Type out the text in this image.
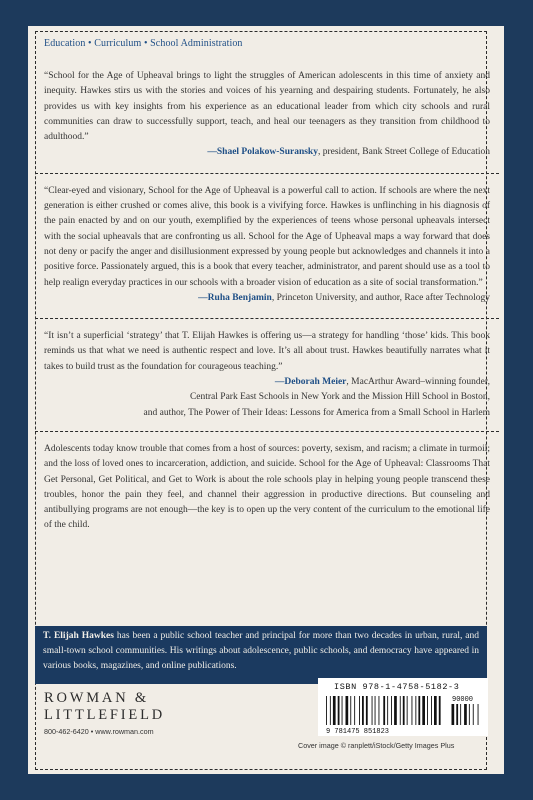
Education • Curriculum • School Administration

“School for the Age of Upheaval brings to light the struggles of American adolescents in this time of anxiety and inequity. Hawkes stirs us with the stories and voices of his yearning and despairing students. Fortunately, he also provides us with key insights from his experience as an educational leader from which city schools and rural communities can draw to successfully support, teach, and heal our teenagers as they transition from childhood to adulthood.”

—Shael Polakow-Suransky, president, Bank Street College of Education

“Clear-eyed and visionary, School for the Age of Upheaval is a powerful call to action. If schools are where the next generation is either crushed or comes alive, this book is a vivifying force. Hawkes is unflinching in his diagnosis of the pain enacted by and on our youth, exemplified by the experiences of teens whose personal upheavals intersect with the social upheavals that are confronting us all. School for the Age of Upheaval maps a way forward that does not deny or pacify the anger and disillusionment expressed by young people but acknowledges and channels it into a positive force. Passionately argued, this is a book that every teacher, administrator, and parent should use as a tool to help realign everyday practices in our schools with a broader vision of education as a site of social transformation.”

—Ruha Benjamin, Princeton University, and author, Race after Technology

“It isn’t a superficial ‘strategy’ that T. Elijah Hawkes is offering us—a strategy for handling ‘those’ kids. This book reminds us that what we need is authentic respect and love. It’s all about trust. Hawkes beautifully narrates what it takes to build trust as the foundation for courageous teaching.”

—Deborah Meier, MacArthur Award–winning founder,

Central Park East Schools in New York and the Mission Hill School in Boston,

and author, The Power of Their Ideas: Lessons for America from a Small School in Harlem

Adolescents today know trouble that comes from a host of sources: poverty, sexism, and racism; a climate in turmoil; and the loss of loved ones to incarceration, addiction, and suicide. School for the Age of Upheaval: Classrooms That Get Personal, Get Political, and Get to Work is about the role schools play in helping young people transcend these troubles, honor the pain they feel, and channel their aggression in productive directions. But counseling and antibullying programs are not enough—the key is to open up the very content of the curriculum to the emotional life of the child.

T. Elijah Hawkes has been a public school teacher and principal for more than two decades in urban, rural, and small-town school communities. His writings about adolescence, public schools, and democracy have appeared in various books, magazines, and online publications.
ROWMAN &
LITTLEFIELD
800-462-6420 • www.rowman.com
ISBN 978-1-4758-5182-3
9 781475 851823
90000
Cover image © ranplett/iStock/Getty Images Plus
